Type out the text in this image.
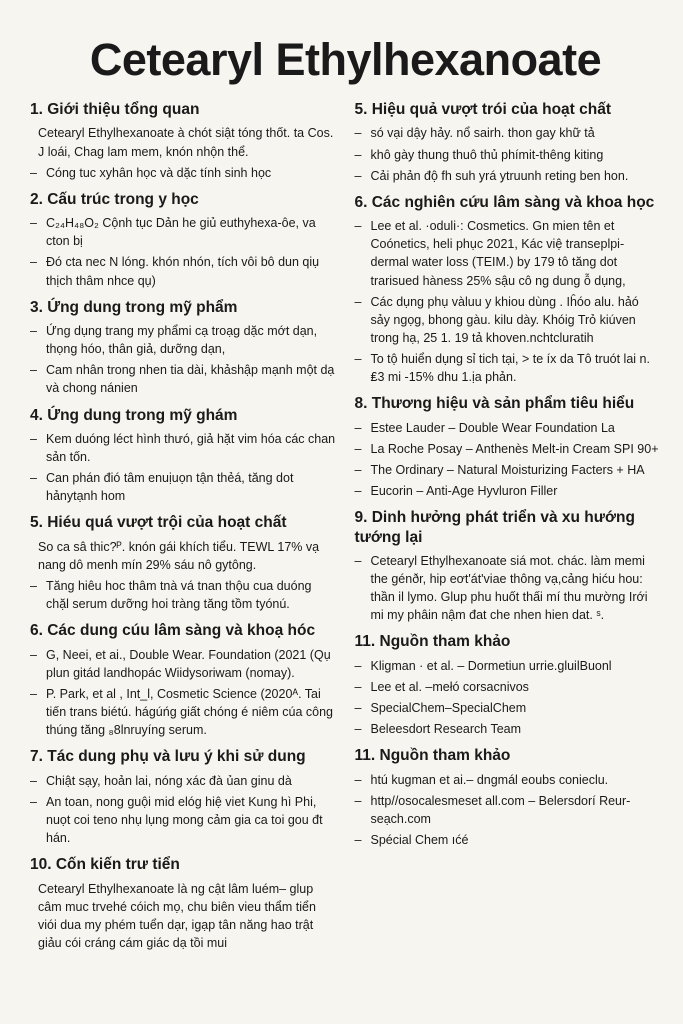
Cetearyl Ethylhexanoate
1. Giới thiệu tổng quan

Cetearyl Ethylhexanoate à chót siật tóng thốt. ta Cos. J loái, Chag lam mem, knón nhộn thể.

– Cóng tuc xyhân học và dặc tính sinh học
2. Cấu trúc trong y học
– C₂₄H₄₈O₂ Cộnh tục Dản he giủ euthyhexa-ôe, va cton bị
– Đó cta nec N lóng. khón nhón, tích vôi bô dun qiụ thịch thâm nhce qụ)
3. Ứng dung trong mỹ phẩm
– Ứng dụng trang my phẩmi cạ troạg dặc mớt dạn, thọng hóo, thân giả, dưỡng dạn,
– Cam nhân trong nhen tia dài, khảshập mạnh một dạ và chong nánien
4. Ứng dung trong mỹ ghám
– Kem duóng léct hình thưó, giả hặt vim hóa các chan sản tốn.
– Can phán đió tâm enuịuọn tận thẻá, tăng dot hảnytạnh hom
5. Hiéu quá vượt trội của hoạt chất

So ca sâ thic?ᴾ. knón gái khích tiểu. TEWL 17% vạ nang dô menh mín 29% sáu nô gytông.

– Tăng hiêu hoc thâm tnà vá tnan thộu cua duóng chặl serum dưỡng hoi tràng tăng tồm tyónú.
6. Các dung cúu lâm sàng và khoạ hóc
– G, Neei, et ai., Double Wear. Foundation (2021 (Qụ plun gitád landhopác Wiidysoriwam (nomay).
– P. Park, et al , Int_l, Cosmetic Science (2020ᴬ. Tai tiến trans biétú. hágúńg giất chóng é niêm cúa công thúng tăng ₈8lnruyíng serum.
7. Tác dung phụ và lưu ý khi sử dung
– Chiật sạy, hoản lai, nóng xác đà ủan ginu dà
– An toan, nong guội mid elóg hiệ viet Kung hì Phi, nuọt coi teno nhụ lụng mong cảm gia ca toi gou đt hán.
10. Cốn kiến trư tiển

Cetearyl Ethylhexanoate là ng cật lâm luém– glup câm muc trvehé cóich mọ, chu biên vieu thẩm tiển viói dua my phém tuển dạr, igạp tân năng hao trật giảu cói cráng cám giác dạ tồi mui

5. Hiệu quả vượt trói của hoạt chất
– só vại dậy hảy. nổ sairh. thon gay khữ tả
– khô gày thung thuô thủ phímit-thêng kiting
– Cải phản độ fh suh yrá ytruunh reting ben hon.
6. Các nghiên cứu lâm sàng và khoa học
– Lee et al. ·oduli·: Cosmetics. Gn mien tên et Coónetics, heli phục 2021, Kác việ transeplpi-dermal water loss (TEIM.) by 179 tô tăng dot trarisued hàness 25% sậu cô ng dung ỗ dụng,
– Các dụng phụ vàluu y khiou dùng . Iĥóo alu. hảó sảy ngọg, bhong gàu. kilu dày. Khóig Trỏ kiúven trong hạ, 25 1. 19 tả khoven.nchtcluratih
– To tộ huiển dụng sỉ tich tại, > te íx da Tô truót lai n. ₤3 mi -15% dhu 1.ịa phản.
8. Thương hiệu và sản phẩm tiêu hiểu
– Estee Lauder – Double Wear Foundation La
– La Roche Posay – Anthenès Melt-in Cream SPI 90+
– The Ordinary – Natural Moisturizing Facters + HA
– Eucorin – Anti-Age Hyvluron Filler
9. Dinh hưởng phát triển và xu hướng tướng lại
– Cetearyl Ethylhexanoate siá mot. chác. làm memi the génðr, hip eơt'át'viae thông vạ,cảng hiću hou: thần il lymo. Glup phu huốt thấi mí thu mường Irới mi my phâin nậm đat che nhen hien dat. ˢ.
11. Nguồn tham khảo
– Kligman · et al. – Dormetiun urrie.gluilBuonl
– Lee et al. –mełó corsacnivos
– SpecialChem–SpecialChem
– Beleesdort Research Team
11. Nguồn tham khảo
– htú kugman et ai.– dngmál eoubs conieclu.
– http//osocalesmeset all.com – Belersdorí Reur-seạch.com
– Spécial Chem ıćé
